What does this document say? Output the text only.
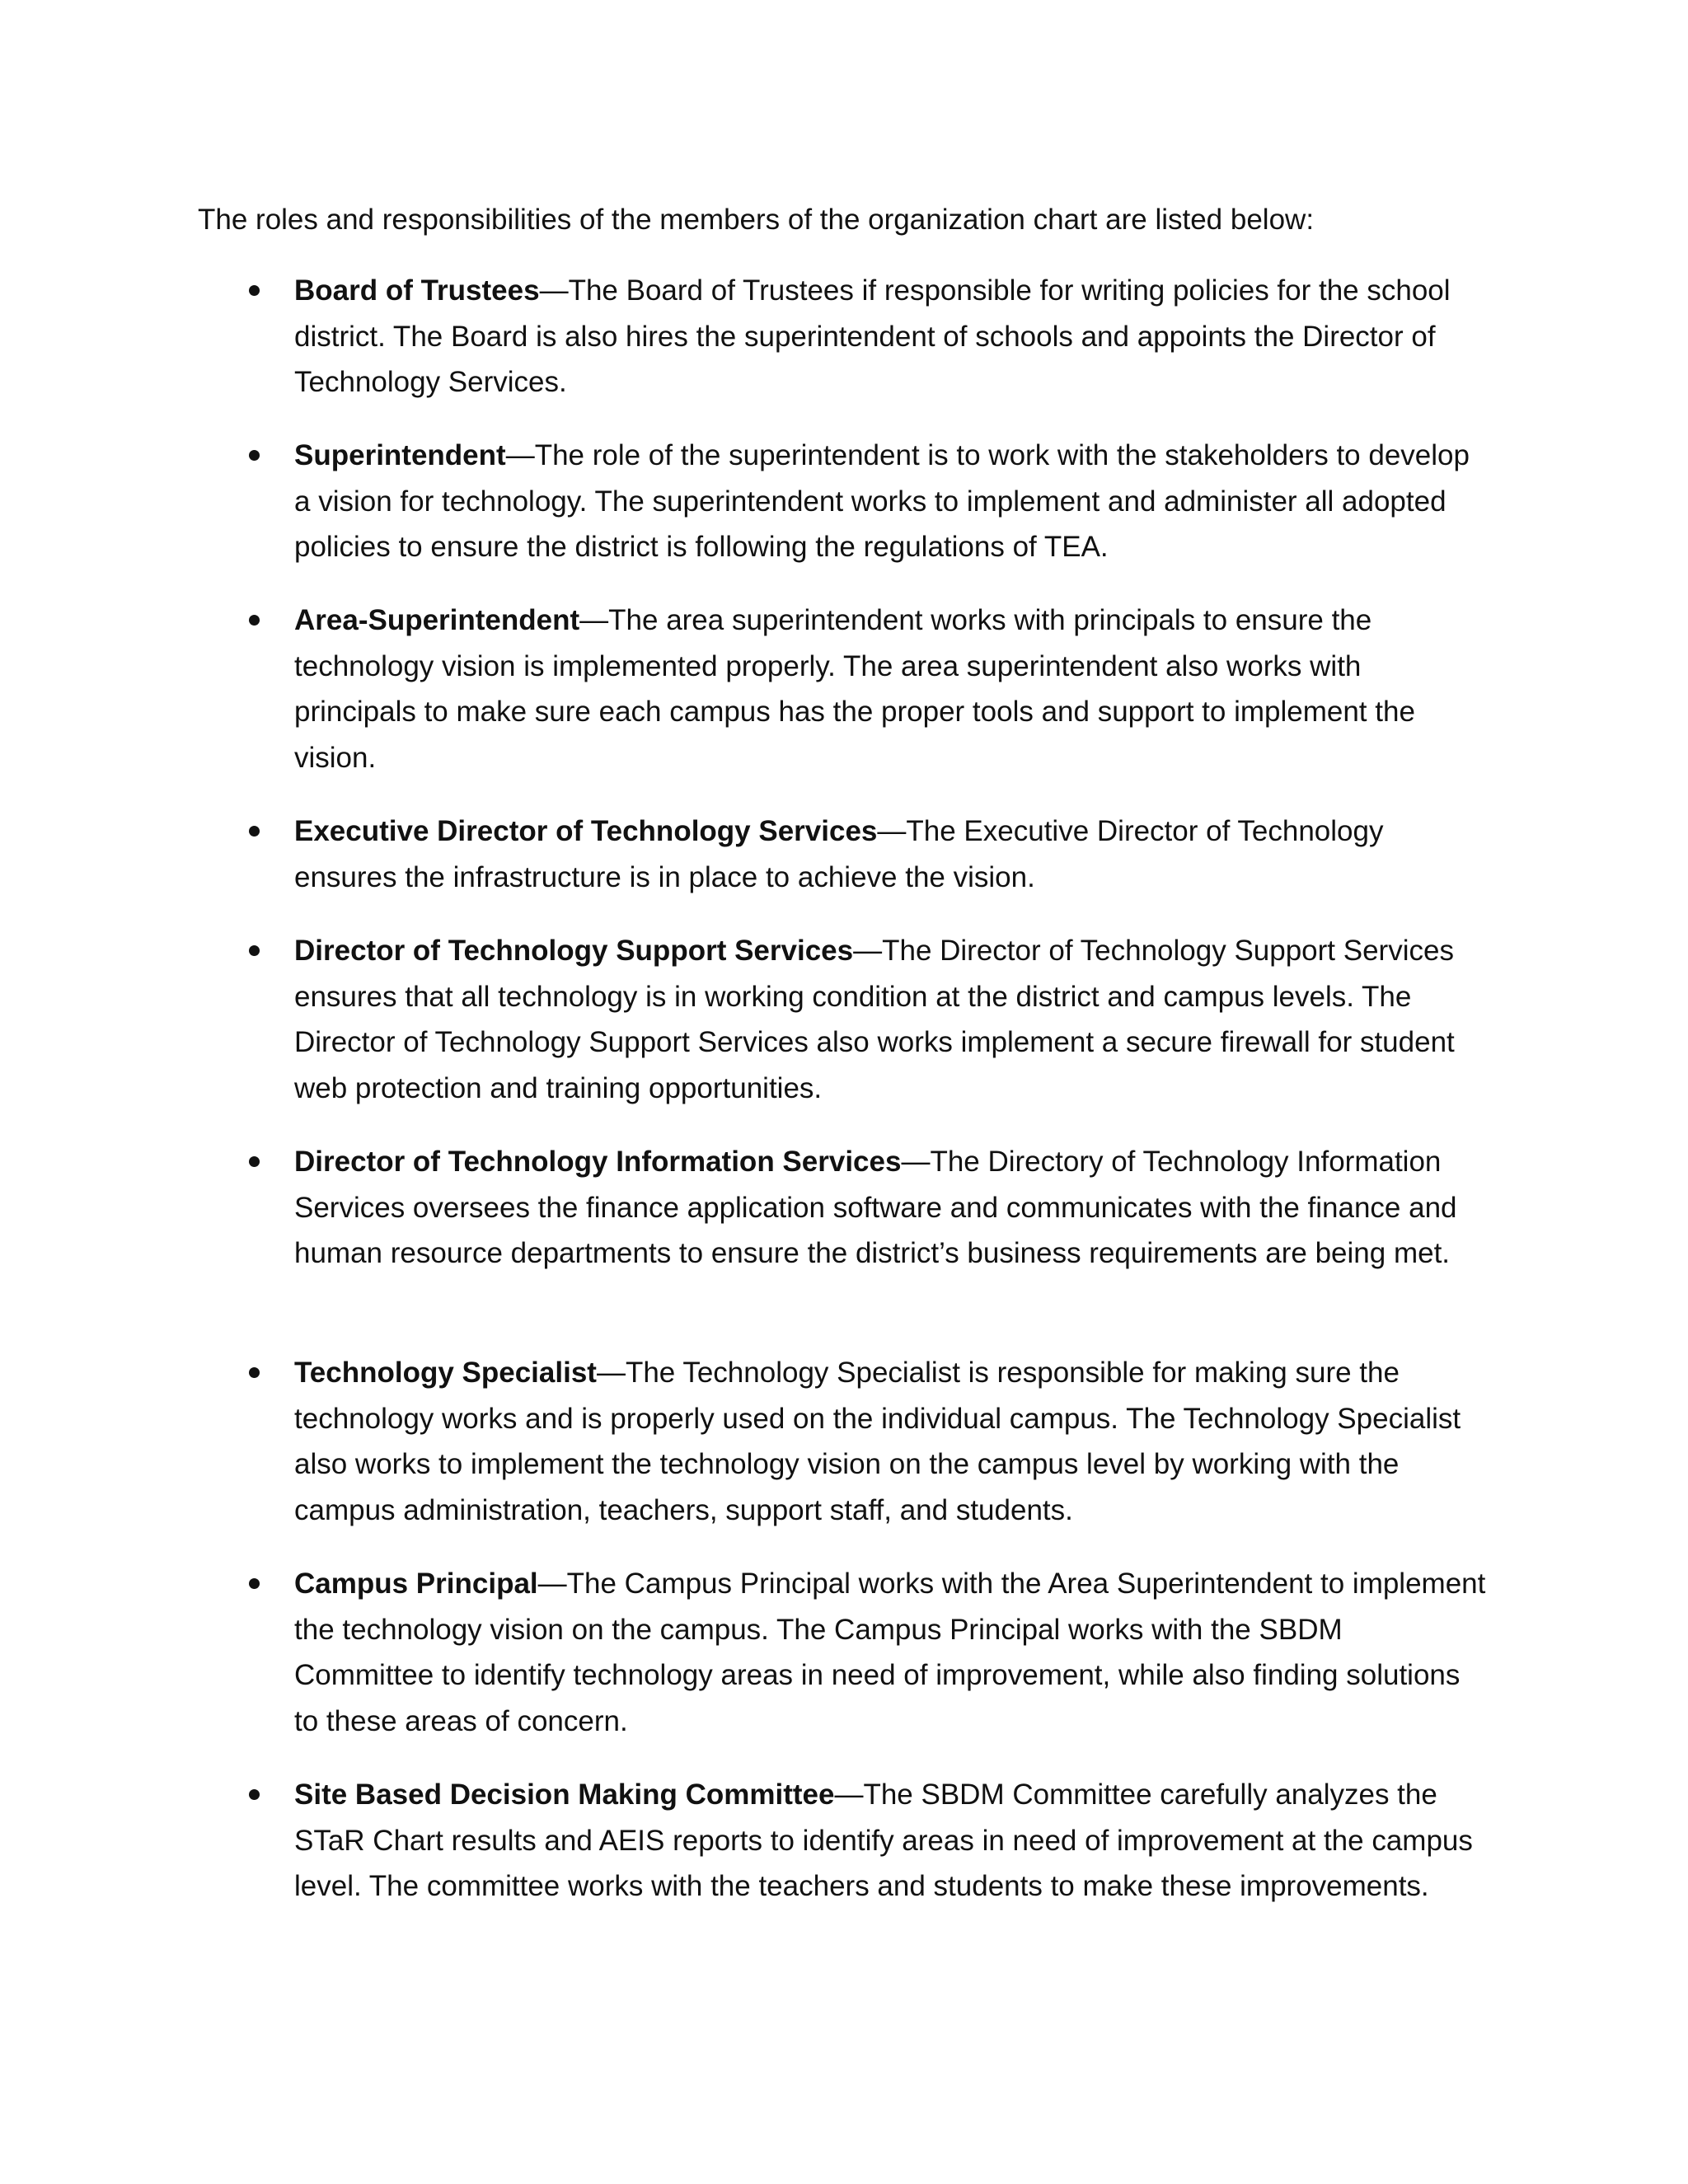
The roles and responsibilities of the members of the organization chart are listed below:

Board of Trustees—The Board of Trustees if responsible for writing policies for the school district. The Board is also hires the superintendent of schools and appoints the Director of Technology Services.
Superintendent—The role of the superintendent is to work with the stakeholders to develop a vision for technology. The superintendent works to implement and administer all adopted policies to ensure the district is following the regulations of TEA.
Area-Superintendent—The area superintendent works with principals to ensure the technology vision is implemented properly. The area superintendent also works with principals to make sure each campus has the proper tools and support to implement the vision.
Executive Director of Technology Services—The Executive Director of Technology ensures the infrastructure is in place to achieve the vision.
Director of Technology Support Services—The Director of Technology Support Services ensures that all technology is in working condition at the district and campus levels. The Director of Technology Support Services also works implement a secure firewall for student web protection and training opportunities.
Director of Technology Information Services—The Directory of Technology Information Services oversees the finance application software and communicates with the finance and human resource departments to ensure the district’s business requirements are being met.
Technology Specialist—The Technology Specialist is responsible for making sure the technology works and is properly used on the individual campus. The Technology Specialist also works to implement the technology vision on the campus level by working with the campus administration, teachers, support staff, and students.
Campus Principal—The Campus Principal works with the Area Superintendent to implement the technology vision on the campus. The Campus Principal works with the SBDM Committee to identify technology areas in need of improvement, while also finding solutions to these areas of concern.
Site Based Decision Making Committee—The SBDM Committee carefully analyzes the STaR Chart results and AEIS reports to identify areas in need of improvement at the campus level. The committee works with the teachers and students to make these improvements.
